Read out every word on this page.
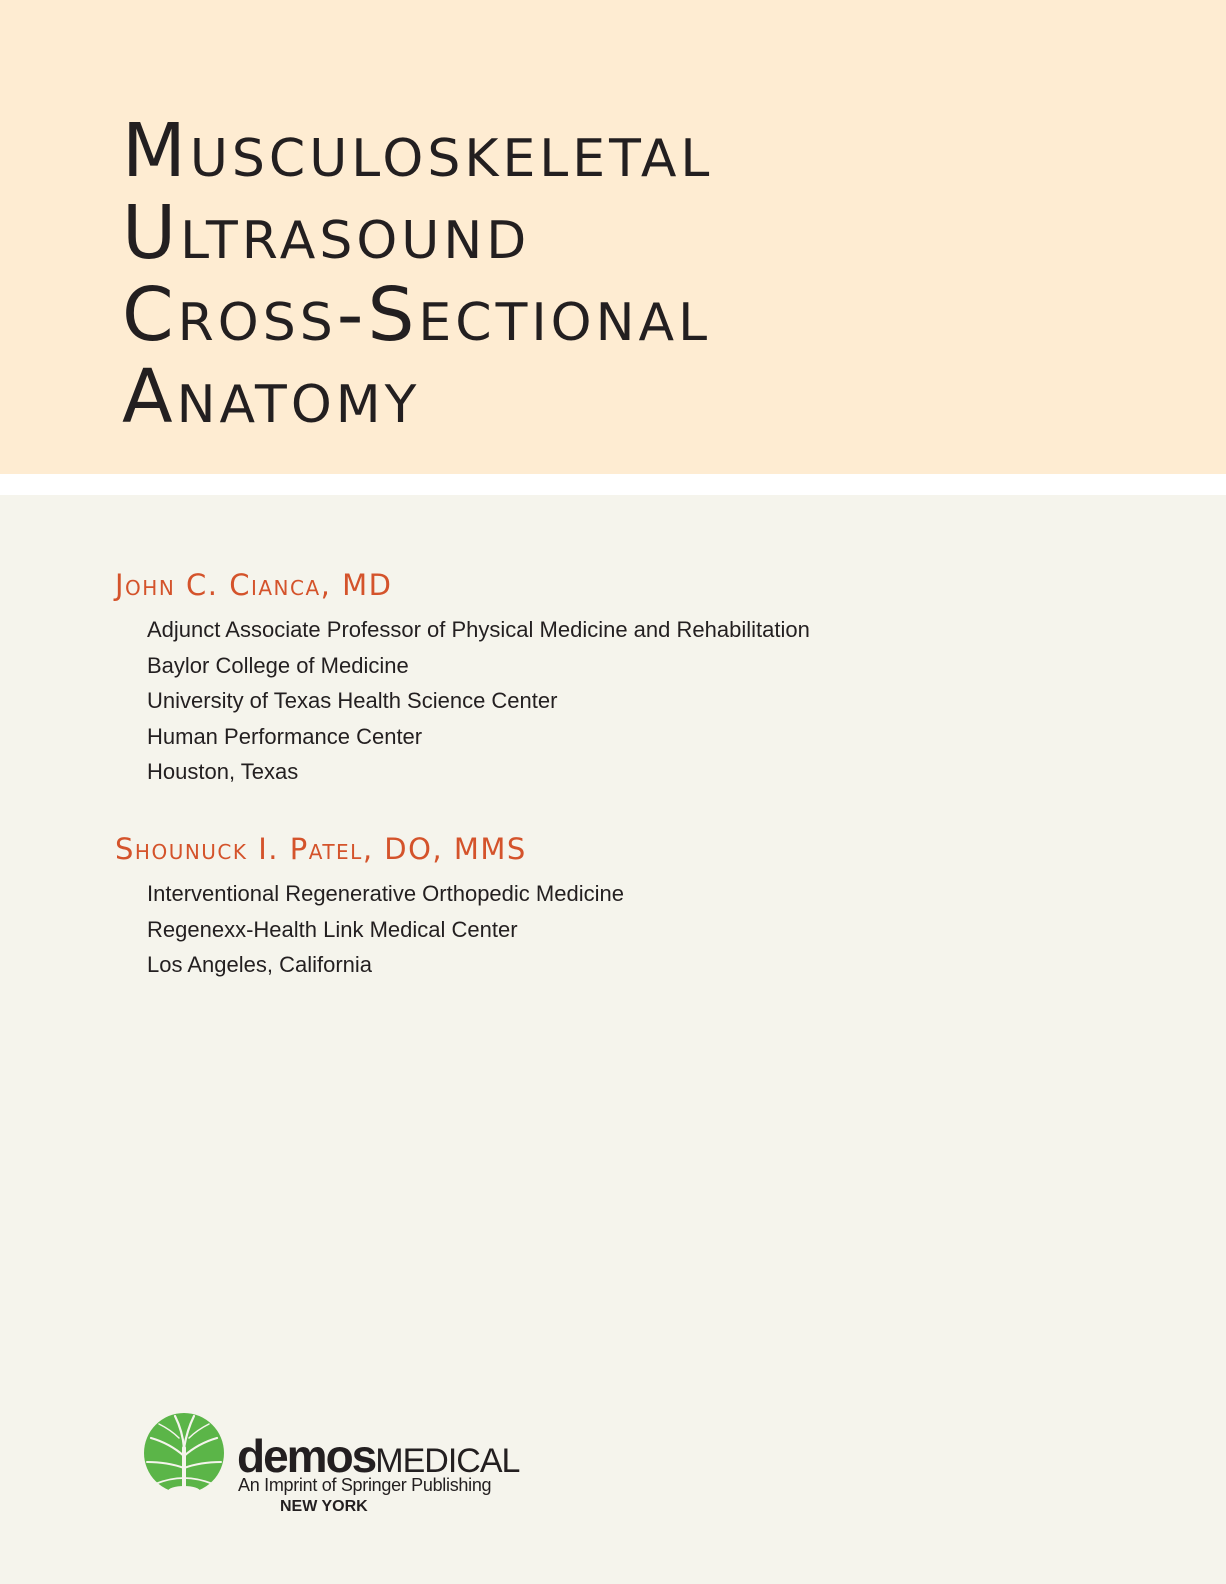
Musculoskeletal
Ultrasound
Cross-Sectional
Anatomy
John C. Cianca, MD
Adjunct Associate Professor of Physical Medicine and Rehabilitation
Baylor College of Medicine
University of Texas Health Science Center
Human Performance Center
Houston, Texas
Shounuck I. Patel, DO, MMS
Interventional Regenerative Orthopedic Medicine
Regenexx-Health Link Medical Center
Los Angeles, California
demosMEDICAL
An Imprint of Springer Publishing
NEW YORK
